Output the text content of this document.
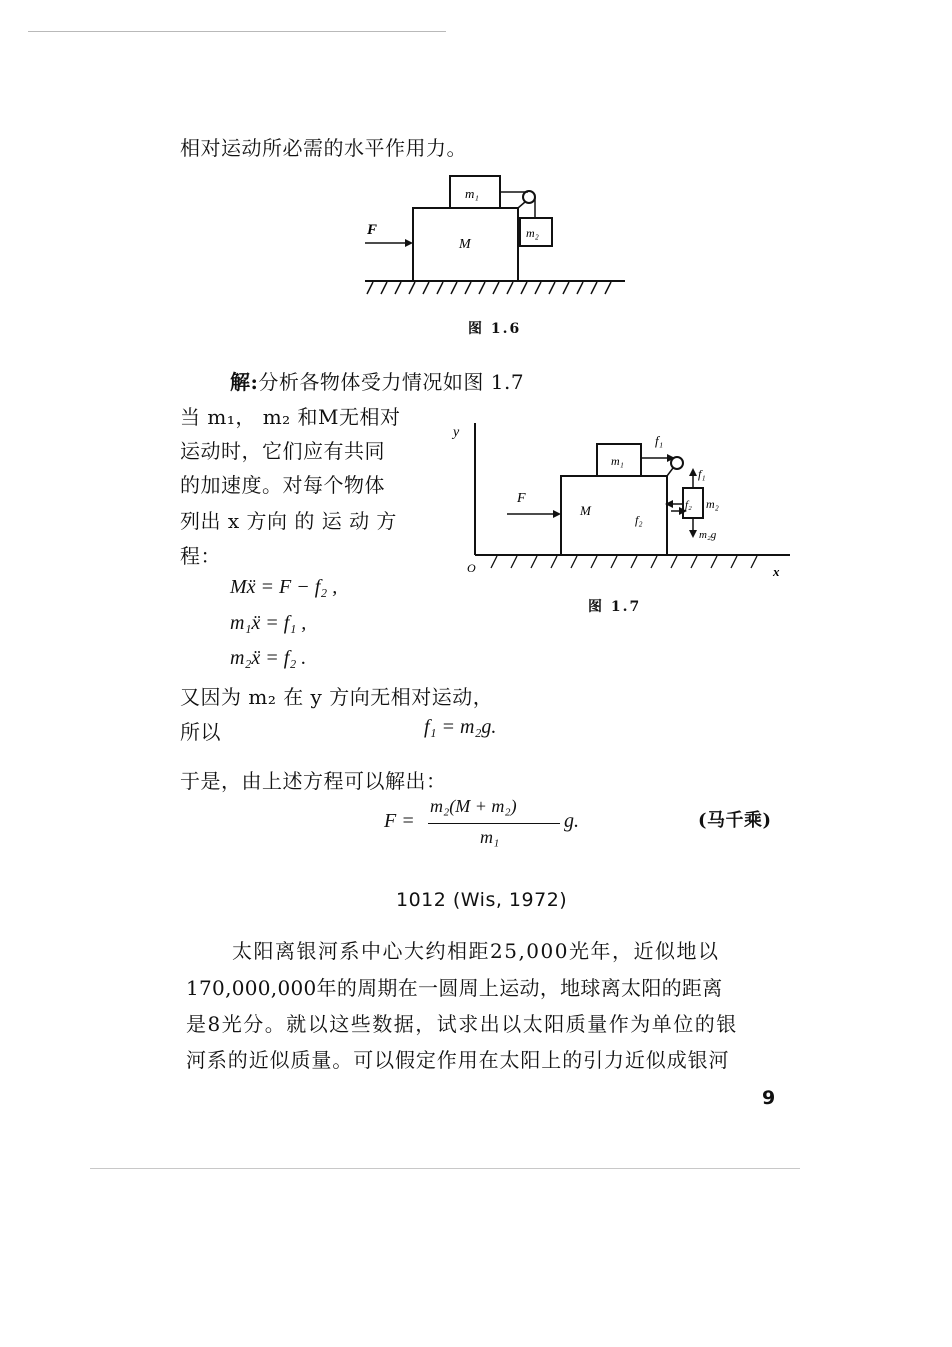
相对运动所必需的水平作用力。
F
M
m₁
m₂
图 1.6
解:分析各物体受力情况如图 1.7
当 m₁， m₂ 和M无相对
运动时，它们应有共同
的加速度。对每个物体
列出 x 方向 的 运 动 方
程：
Mẍ = F − f₂ ,
m₁ẍ = f₁ ,
m₂ẍ = f₂ .
y
O	x
F
M
m₁
f₁
f₁
m₂
f₂
f₂
m₂g
图 1.7
又因为 m₂ 在 y 方向无相对运动，
所以	f₁ = m₂g.
于是，由上述方程可以解出：
F =
m₂(M + m₂)
m₁
g.	(马千乘)
1012 (Wis, 1972)
太阳离银河系中心大约相距25,000光年，近似地以
170,000,000年的周期在一圆周上运动，地球离太阳的距离
是8光分。就以这些数据，试求出以太阳质量作为单位的银
河系的近似质量。可以假定作用在太阳上的引力近似成银河
9
